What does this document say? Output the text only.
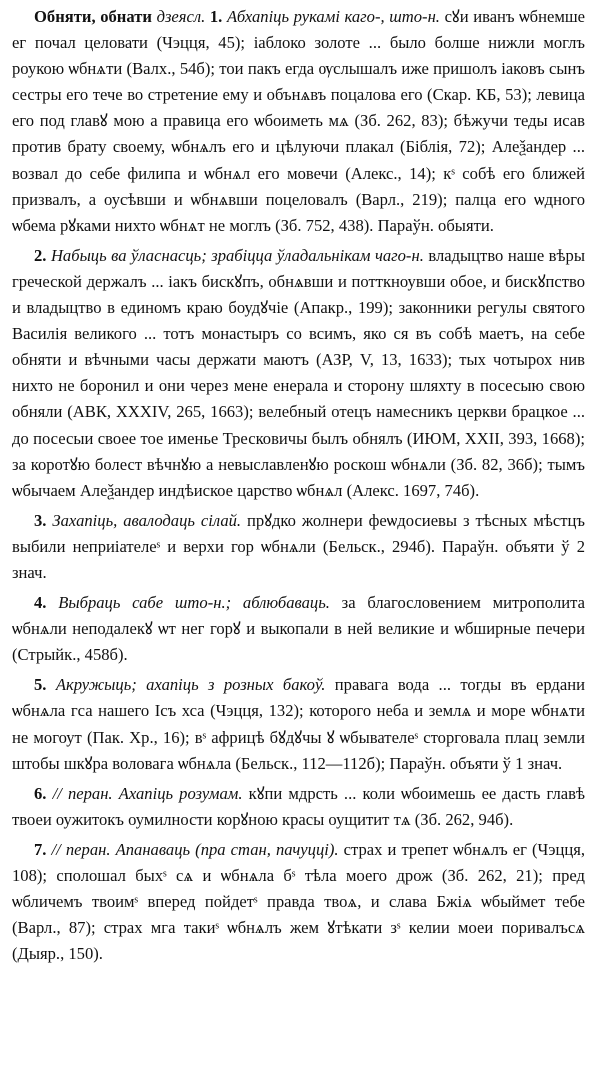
Обняти, обнати дзеясл. 1. Абхапіць рукамі каго-, што-н. сꙋи иванъ ѡбнемше ег почал целовати (Чэцця, 45); іаблоко золоте ... было болше нижли моглъ роукою ѡбнѧти (Валх., 54б); тои пакъ егда ѹслышалъ иже пришолъ іаковъ сынъ сестры его тече во стретение ему и обънѧвъ поцалова его (Скар. КБ, 53); левица его под главꙋ мою а правица его ѡбоиметь мѧ (Зб. 262, 83); бѣжучи теды исав против брату своему, ѡбнѧлъ его и цѣлуючи плакал (Біблія, 72); Алеѯандер ... возвал до себе филипа и ѡбнѧл его мовечи (Алекс., 14); кˢ собѣ его ближей призвалъ, а оусѣвши и ѡбнѧвши поцеловалъ (Варл., 219); палца его ѡдного ѡбема рꙋками нихто ѡбнѧт не моглъ (Зб. 752, 438). Параўн. обыяти.

2. Набыць ва ўласнасць; зрабіцца ўладальнікам чаго-н. владыцтво наше вѣры греческой держалъ ... іакъ бискꙋпъ, обнѧвши и потткноувши обое, и бискꙋпство и владыцтво в единомъ краю боудꙋчіе (Апакр., 199); законники регулы святого Василія великого ... тотъ монастыръ со всимъ, яко ся въ собѣ маетъ, на себе обняти и вѣчными часы держати маютъ (АЗР, V, 13, 1633); тых чотырох нив нихто не боронил и они через мене енерала и сторону шляхту в посесыю свою обняли (АВК, XXXIV, 265, 1663); велебный отецъ намесникъ церкви брацкое ... до посесыи своее тое именье Тресковичы былъ обнялъ (ИЮМ, XXII, 393, 1668); за коротꙋю болест вѣчнꙋю а невыславленꙋю роскош ѡбнѧли (Зб. 82, 36б); тымъ ѡбычаем Алеѯандер индѣиское царство ѡбнѧл (Алекс. 1697, 74б).

3. Захапіць, авалодаць сілай. прꙋдко жолнери феѡдосиевы з тѣсных мѣстцъ выбили неприіателеˢ и верхи гор ѡбнѧли (Бельск., 294б). Параўн. объяти ў 2 знач.

4. Выбраць сабе што-н.; аблюбаваць. за благословением митрополита ѡбнѧли неподалекꙋ ѡт нег горꙋ и выкопали в ней великие и ѡбширные печери (Стрыйк., 458б).

5. Акружыць; ахапіць з розных бакоў. правага вода ... тогды въ ердани ѡбнѧла гса нашего Ісъ хса (Чэцця, 132); которого неба и землѧ и море ѡбнѧти не могоут (Пак. Хр., 16); вˢ африцѣ бꙋдꙋчы ꙋ ѡбывателеˢ сторговала плац земли штобы шкꙋра воловага ѡбнѧла (Бельск., 112—112б); Параўн. объяти ў 1 знач.

6. // перан. Ахапіць розумам. кꙋпи мдрсть ... коли ѡбоимешь ее дасть главѣ твоеи оужитокъ оумилности корꙋною красы оущитит тѧ (Зб. 262, 94б).

7. // перан. Апанаваць (пра стан, пачуцці). страх и трепет ѡбнѧлъ ег (Чэцця, 108); сполошал быхˢ сѧ и ѡбнѧла бˢ тѣла моего дрож (Зб. 262, 21); пред ѡбличемъ твоимˢ вперед пойдетˢ правда твоѧ, и слава Бжіѧ ѡбыймет тебе (Варл., 87); страх мга такиˢ ѡбнѧлъ жем ꙋтѣкати зˢ келии моеи поривалъсѧ (Дыяр., 150).
